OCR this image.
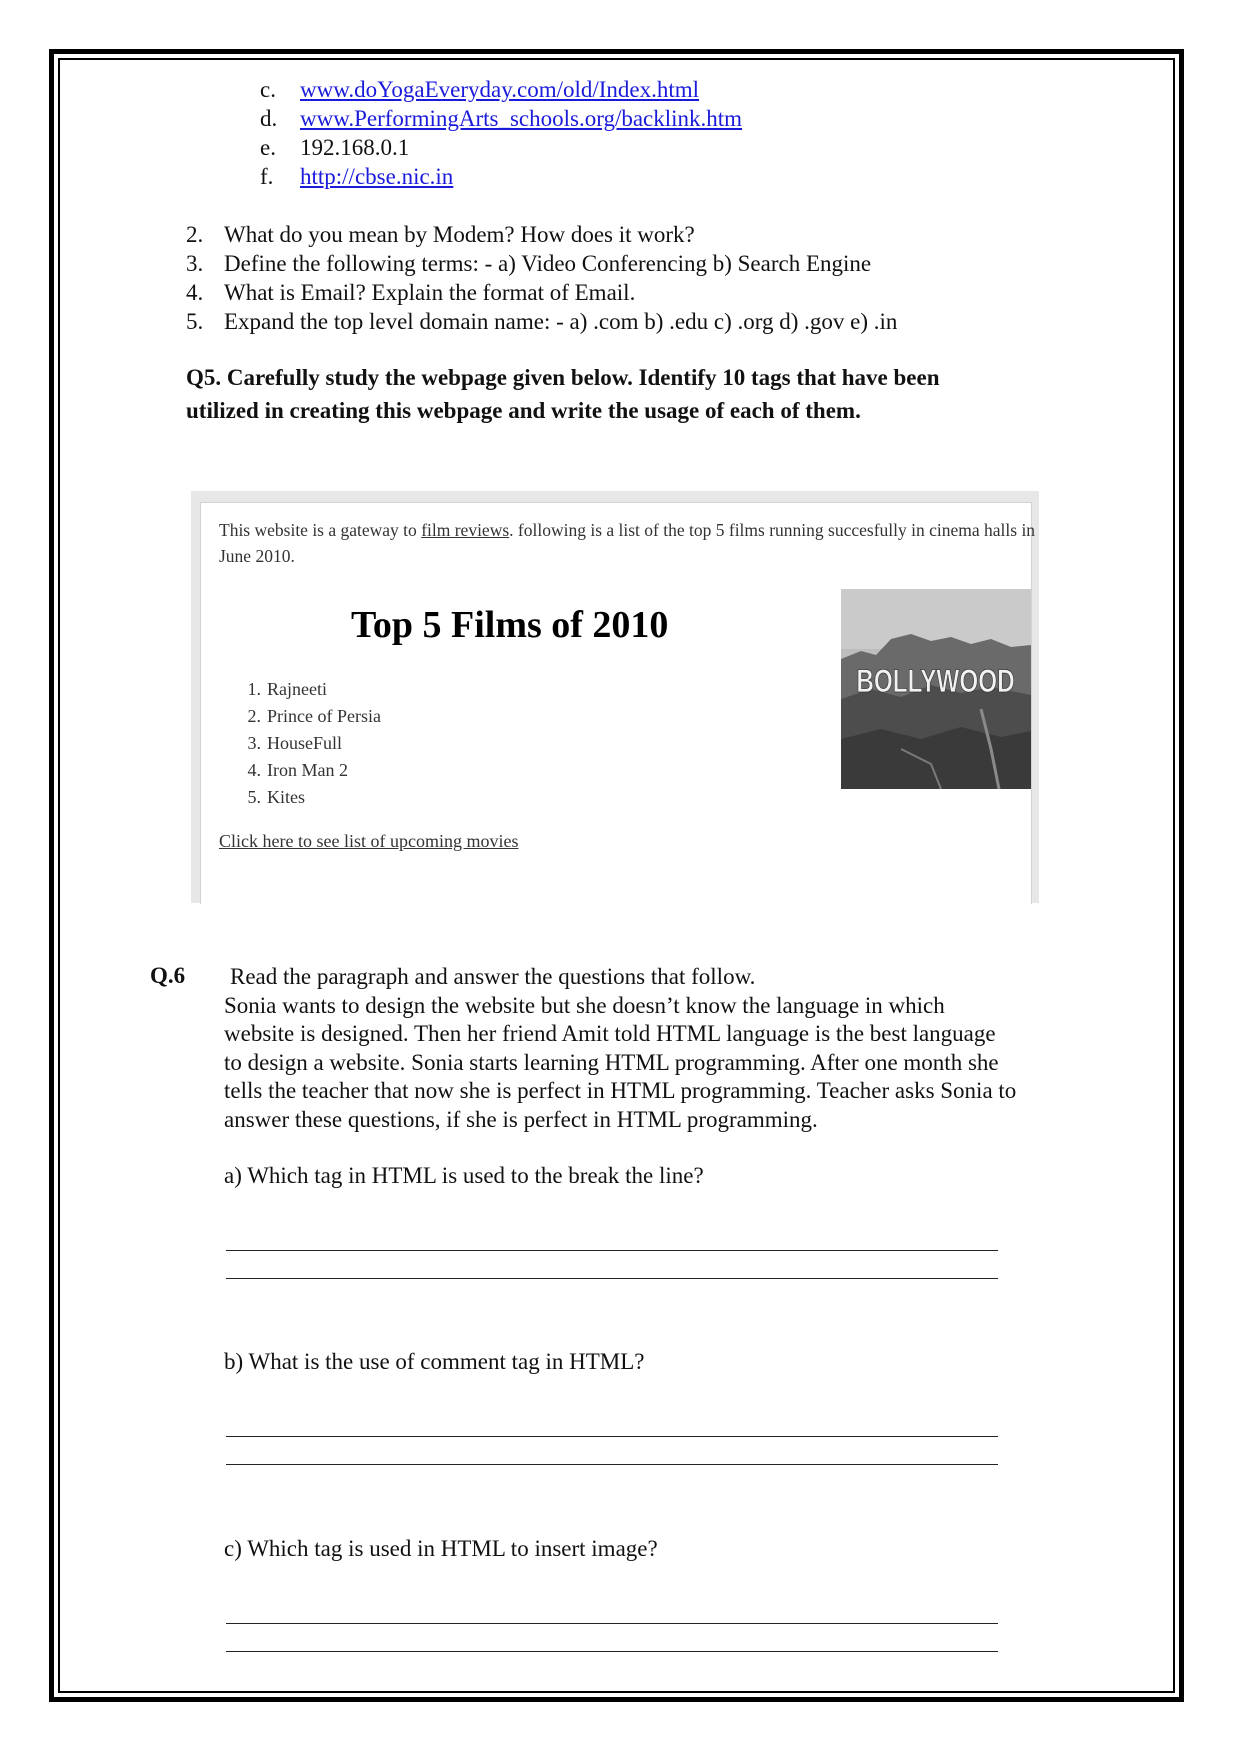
c.	www.doYogaEveryday.com/old/Index.html
d. www.PerformingArts_schools.org/backlink.htm
e.	192.168.0.1
f.	http://cbse.nic.in
2. What do you mean by Modem? How does it work?
3. Define the following terms: - a) Video Conferencing b) Search Engine
4. What is Email? Explain the format of Email.
5. Expand the top level domain name: - a) .com b) .edu c) .org d) .gov e) .in
Q5. Carefully study the webpage given below. Identify 10 tags that have been
utilized in creating this webpage and write the usage of each of them.
This website is a gateway to film reviews. following is a list of the top 5 films running succesfully in cinema halls in June 2010.
Top 5 Films of 2010
1. Rajneeti
2. Prince of Persia
3. HouseFull
4. Iron Man 2
5. Kites
Click here to see list of upcoming movies
BOLLYWOOD
Q.6 Read the paragraph and answer the questions that follow.
Sonia wants to design the website but she doesn’t know the language in which
website is designed. Then her friend Amit told HTML language is the best language
to design a website. Sonia starts learning HTML programming. After one month she
tells the teacher that now she is perfect in HTML programming. Teacher asks Sonia to
answer these questions, if she is perfect in HTML programming.
a) Which tag in HTML is used to the break the line?
b) What is the use of comment tag in HTML?
c) Which tag is used in HTML to insert image?
